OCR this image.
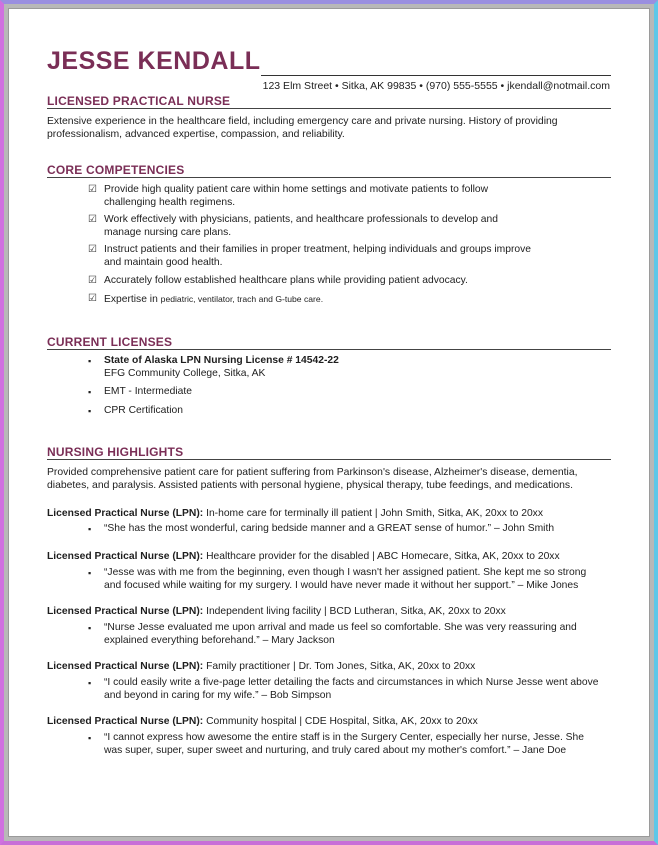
JESSE KENDALL
123 Elm Street • Sitka, AK 99835 • (970) 555-5555 • jkendall@notmail.com
LICENSED PRACTICAL NURSE

Extensive experience in the healthcare field, including emergency care and private nursing. History of providing professionalism, advanced expertise, compassion, and reliability.

CORE COMPETENCIES
☑ Provide high quality patient care within home settings and motivate patients to follow
challenging health regimens.
☑ Work effectively with physicians, patients, and healthcare professionals to develop and
manage nursing care plans.
☑ Instruct patients and their families in proper treatment, helping individuals and groups improve
and maintain good health.
☑ Accurately follow established healthcare plans while providing patient advocacy.
☑ Expertise in pediatric, ventilator, trach and G-tube care.
CURRENT LICENSES
▪ State of Alaska LPN Nursing License # 14542-22
EFG Community College, Sitka, AK
▪ EMT - Intermediate
▪ CPR Certification
NURSING HIGHLIGHTS

Provided comprehensive patient care for patient suffering from Parkinson's disease, Alzheimer's disease, dementia, diabetes, and paralysis. Assisted patients with personal hygiene, physical therapy, tube feedings, and medications.

Licensed Practical Nurse (LPN): In-home care for terminally ill patient | John Smith, Sitka, AK, 20xx to 20xx
▪ “She has the most wonderful, caring bedside manner and a GREAT sense of humor.” – John Smith
Licensed Practical Nurse (LPN): Healthcare provider for the disabled | ABC Homecare, Sitka, AK, 20xx to 20xx
▪ “Jesse was with me from the beginning, even though I wasn't her assigned patient. She kept me so strong
and focused while waiting for my surgery. I would have never made it without her support.” – Mike Jones
Licensed Practical Nurse (LPN): Independent living facility | BCD Lutheran, Sitka, AK, 20xx to 20xx
▪ “Nurse Jesse evaluated me upon arrival and made us feel so comfortable. She was very reassuring and
explained everything beforehand.” – Mary Jackson
Licensed Practical Nurse (LPN): Family practitioner | Dr. Tom Jones, Sitka, AK, 20xx to 20xx
▪ “I could easily write a five-page letter detailing the facts and circumstances in which Nurse Jesse went above
and beyond in caring for my wife.” – Bob Simpson
Licensed Practical Nurse (LPN): Community hospital | CDE Hospital, Sitka, AK, 20xx to 20xx
▪ “I cannot express how awesome the entire staff is in the Surgery Center, especially her nurse, Jesse. She
was super, super, super sweet and nurturing, and truly cared about my mother's comfort.” – Jane Doe
